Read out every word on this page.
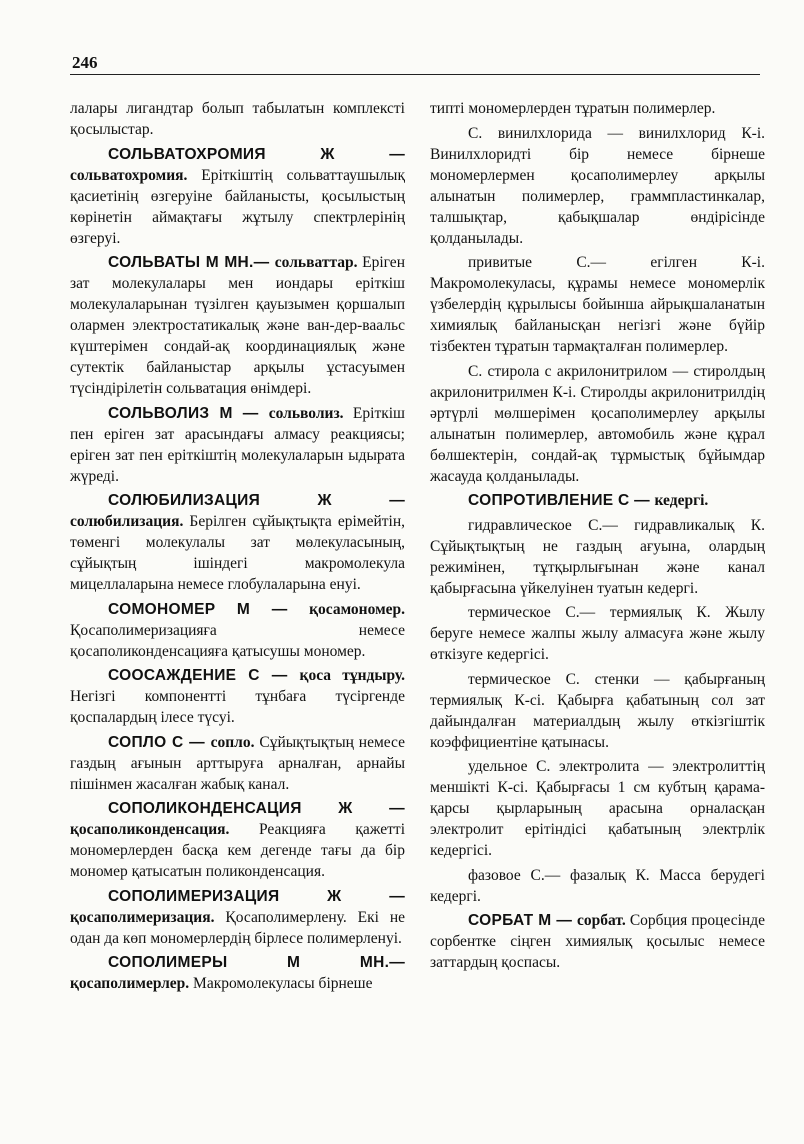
246

лалары лигандтар болып табылатын комплексті қосылыстар.

СОЛЬВАТОХРОМИЯ Ж — сольватохромия. Еріткіштің сольваттаушылық қасиетінің өзгеруіне байланысты, қосылыстың көрінетін аймақтағы жұтылу спектрлерінің өзгеруі.

СОЛЬВАТЫ М МН.— сольваттар. Еріген зат молекулалары мен иондары еріткіш молекулаларынан түзілген қауызымен қоршалып олармен электростатикалық және ван-дер-ваальс күштерімен сондай-ақ координациялық және сутектік байланыстар арқылы ұстасуымен түсіндірілетін сольватация өнімдері.

СОЛЬВОЛИЗ М — сольволиз. Еріткіш пен еріген зат арасындағы алмасу реакциясы; еріген зат пен еріткіштің молекулаларын ыдырата жүреді.

СОЛЮБИЛИЗАЦИЯ Ж — солюбилизация. Берілген сұйықтықта ерімейтін, төменгі молекулалы зат мөлекуласының, сұйықтың ішіндегі макромолекула мицеллаларына немесе глобулаларына енуі.

СОМОНОМЕР М — қосамономер. Қосаполимеризацияға немесе қосаполиконденсацияға қатысушы мономер.

СООСАЖДЕНИЕ С — қоса тұндыру. Негізгі компонентті тұнбаға түсіргенде қоспалардың ілесе түсуі.

СОПЛО С — сопло. Сұйықтықтың немесе газдың ағынын арттыруға арналған, арнайы пішінмен жасалған жабық канал.

СОПОЛИКОНДЕНСАЦИЯ Ж — қосаполиконденсация. Реакцияға қажетті мономерлерден басқа кем дегенде тағы да бір мономер қатысатын поликонденсация.

СОПОЛИМЕРИЗАЦИЯ Ж —қосаполимеризация. Қосаполимерлену. Екі не одан да көп мономерлердің бірлесе полимерленуі.

СОПОЛИМЕРЫ М МН.— қосаполимерлер. Макромолекуласы бірнеше

типті мономерлерден тұратын полимерлер.

С. винилхлорида — винилхлорид К-і. Винилхлоридті бір немесе бірнеше мономерлермен қосаполимерлеу арқылы алынатын полимерлер, граммпластинкалар, талшықтар, қабықшалар өндірісінде қолданылады.

привитые С.— егілген К-і. Макромолекуласы, құрамы немесе мономерлік үзбелердің құрылысы бойынша айрықшаланатын химиялық байланысқан негізгі және бүйір тізбектен тұратын тармақталған полимерлер.

С. стирола с акрилонитрилом — стиролдың акрилонитрилмен К-і. Стиролды акрилонитрилдің әртүрлі мөлшерімен қосаполимерлеу арқылы алынатын полимерлер, автомобиль және құрал бөлшектерін, сондай-ақ тұрмыстық бұйымдар жасауда қолданылады.

СОПРОТИВЛЕНИЕ С — кедергі.

гидравлическое С.— гидравликалық К. Сұйықтықтың не газдың ағуына, олардың режимінен, тұтқырлығынан және канал қабырғасына үйкелуінен туатын кедергі.

термическое С.— термиялық К. Жылу беруге немесе жалпы жылу алмасуға және жылу өткізуге кедергісі.

термическое С. стенки — қабырғаның термиялық К-сі. Қабырға қабатының сол зат дайындалған материалдың жылу өткізгіштік коэффициентіне қатынасы.

удельное С. электролита — электролиттің меншікті К-сі. Қабырғасы 1 см кубтың қарама-қарсы қырларының арасына орналасқан электролит ерітіндісі қабатының электрлік кедергісі.

фазовое С.— фазалық К. Масса берудегі кедергі.

СОРБАТ М — сорбат. Сорбция процесінде сорбентке сіңген химиялық қосылыс немесе заттардың қоспасы.
